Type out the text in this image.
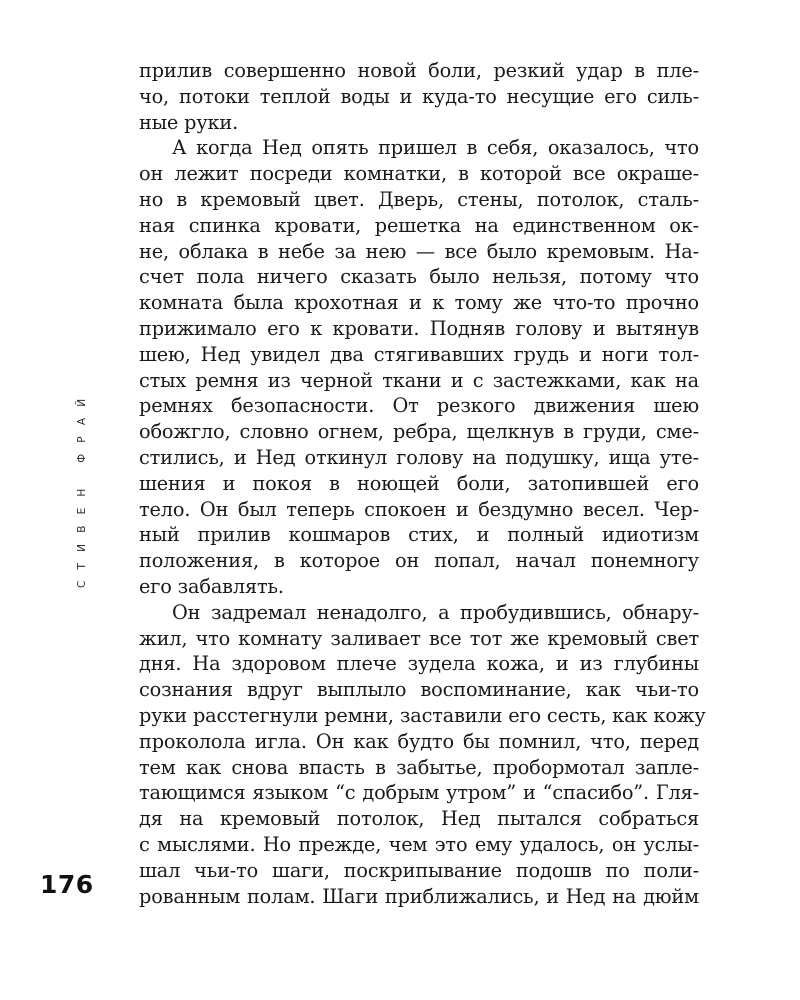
СТИВЕН ФРАЙ
176
прилив совершенно новой боли, резкий удар в пле-
чо, потоки теплой воды и куда-то несущие его силь-
ные руки.
А когда Нед опять пришел в себя, оказалось, что
он лежит посреди комнатки, в которой все окраше-
но в кремовый цвет. Дверь, стены, потолок, сталь-
ная спинка кровати, решетка на единственном ок-
не, облака в небе за нею — все было кремовым. На-
счет пола ничего сказать было нельзя, потому что
комната была крохотная и к тому же что-то прочно
прижимало его к кровати. Подняв голову и вытянув
шею, Нед увидел два стягивавших грудь и ноги тол-
стых ремня из черной ткани и с застежками, как на
ремнях безопасности. От резкого движения шею
обожгло, словно огнем, ребра, щелкнув в груди, сме-
стились, и Нед откинул голову на подушку, ища уте-
шения и покоя в ноющей боли, затопившей его
тело. Он был теперь спокоен и бездумно весел. Чер-
ный прилив кошмаров стих, и полный идиотизм
положения, в которое он попал, начал понемногу
его забавлять.
Он задремал ненадолго, а пробудившись, обнару-
жил, что комнату заливает все тот же кремовый свет
дня. На здоровом плече зудела кожа, и из глубины
сознания вдруг выплыло воспоминание, как чьи-то
руки расстегнули ремни, заставили его сесть, как кожу
проколола игла. Он как будто бы помнил, что, перед
тем как снова впасть в забытье, пробормотал запле-
тающимся языком “с добрым утром” и “спасибо”. Гля-
дя на кремовый потолок, Нед пытался собраться
с мыслями. Но прежде, чем это ему удалось, он услы-
шал чьи-то шаги, поскрипывание подошв по поли-
рованным полам. Шаги приближались, и Нед на дюйм
